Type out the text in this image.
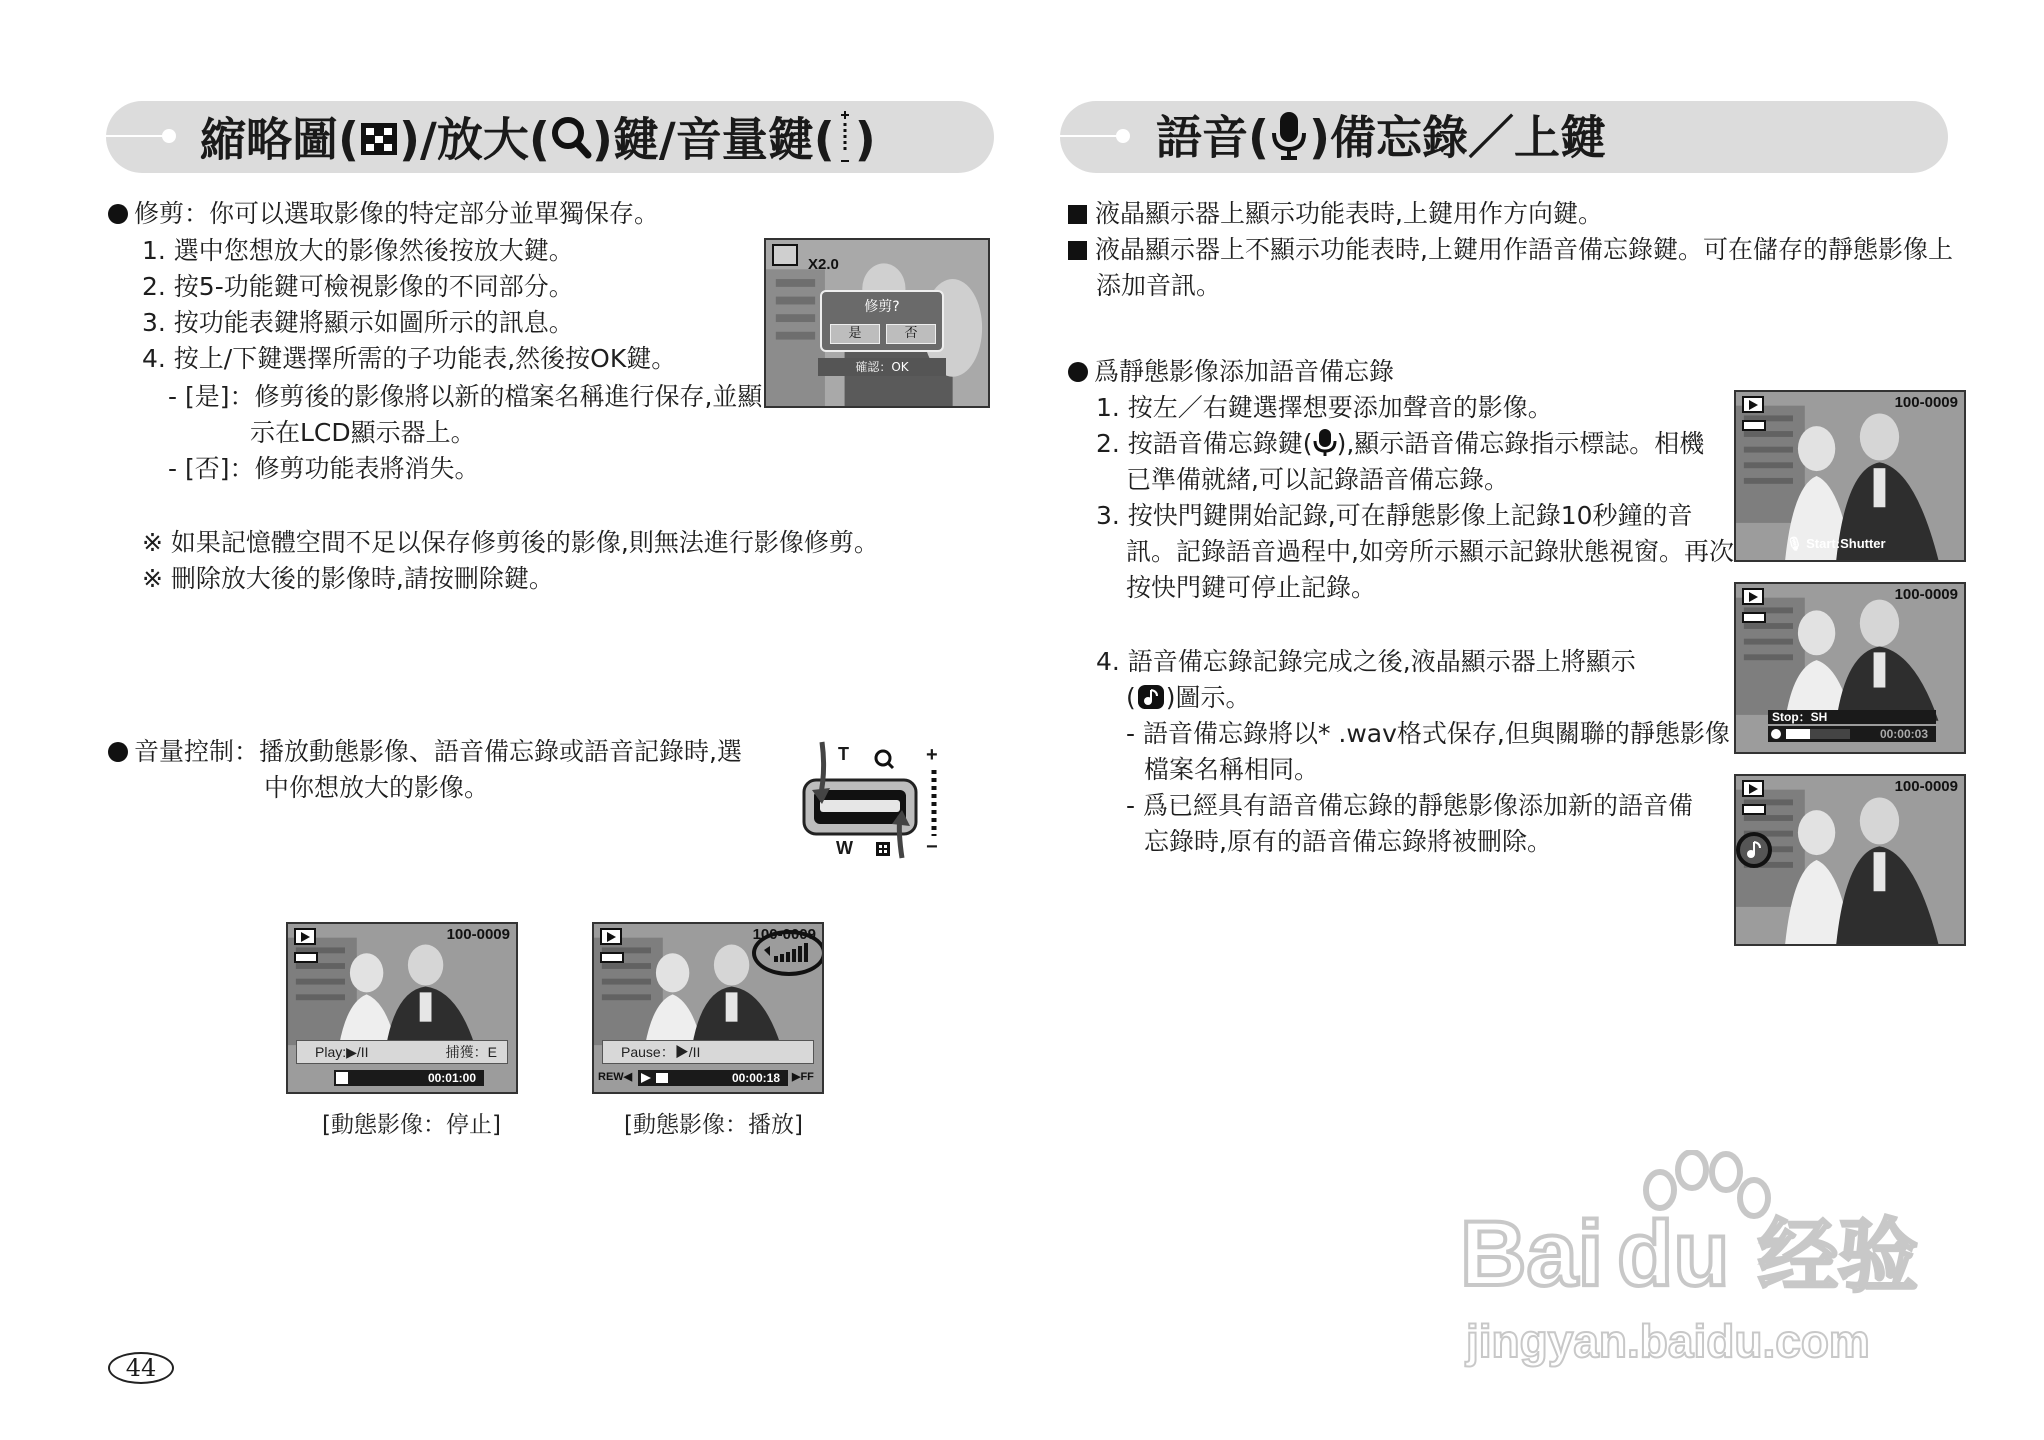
縮略圖( )/放大( )鍵/音量鍵( )	語音( )備忘錄／上鍵
修剪：你可以選取影像的特定部分並單獨保存。
1. 選中您想放大的影像然後按放大鍵。
2. 按5-功能鍵可檢視影像的不同部分。
3. 按功能表鍵將顯示如圖所示的訊息。
4. 按上/下鍵選擇所需的子功能表,然後按OK鍵。
- [是]：修剪後的影像將以新的檔案名稱進行保存,並顯
示在LCD顯示器上。
- [否]：修剪功能表將消失。
※ 如果記憶體空間不足以保存修剪後的影像,則無法進行影像修剪。
※ 刪除放大後的影像時,請按刪除鍵。
X2.0
修剪?
是	否
確認：OK
音量控制：播放動態影像、語音備忘錄或語音記錄時,選
中你想放大的影像。
T
W
+
−
100-0009
Play:▶/II	捕獲：E
00:01:00
[動態影像：停止]
100-0009
Pause：▶/II
REW◀	00:00:18 ▶FF
[動態影像：播放]
液晶顯示器上顯示功能表時,上鍵用作方向鍵。
液晶顯示器上不顯示功能表時,上鍵用作語音備忘錄鍵。可在儲存的靜態影像上
添加音訊。
爲靜態影像添加語音備忘錄
1. 按左／右鍵選擇想要添加聲音的影像。
2. 按語音備忘錄鍵( ),顯示語音備忘錄指示標誌。相機
已準備就緒,可以記錄語音備忘錄。
3. 按快門鍵開始記錄,可在靜態影像上記錄10秒鐘的音
訊。記錄語音過程中,如旁所示顯示記錄狀態視窗。再次
按快門鍵可停止記錄。
4. 語音備忘錄記錄完成之後,液晶顯示器上將顯示
( )圖示。
- 語音備忘錄將以* .wav格式保存,但與關聯的靜態影像
檔案名稱相同。
- 爲已經具有語音備忘錄的靜態影像添加新的語音備
忘錄時,原有的語音備忘錄將被刪除。
100-0009
🎙 Start:Shutter
100-0009
Stop：SH
00:00:03
100-0009
44
Bai du 经验
jingyan.baidu.com
